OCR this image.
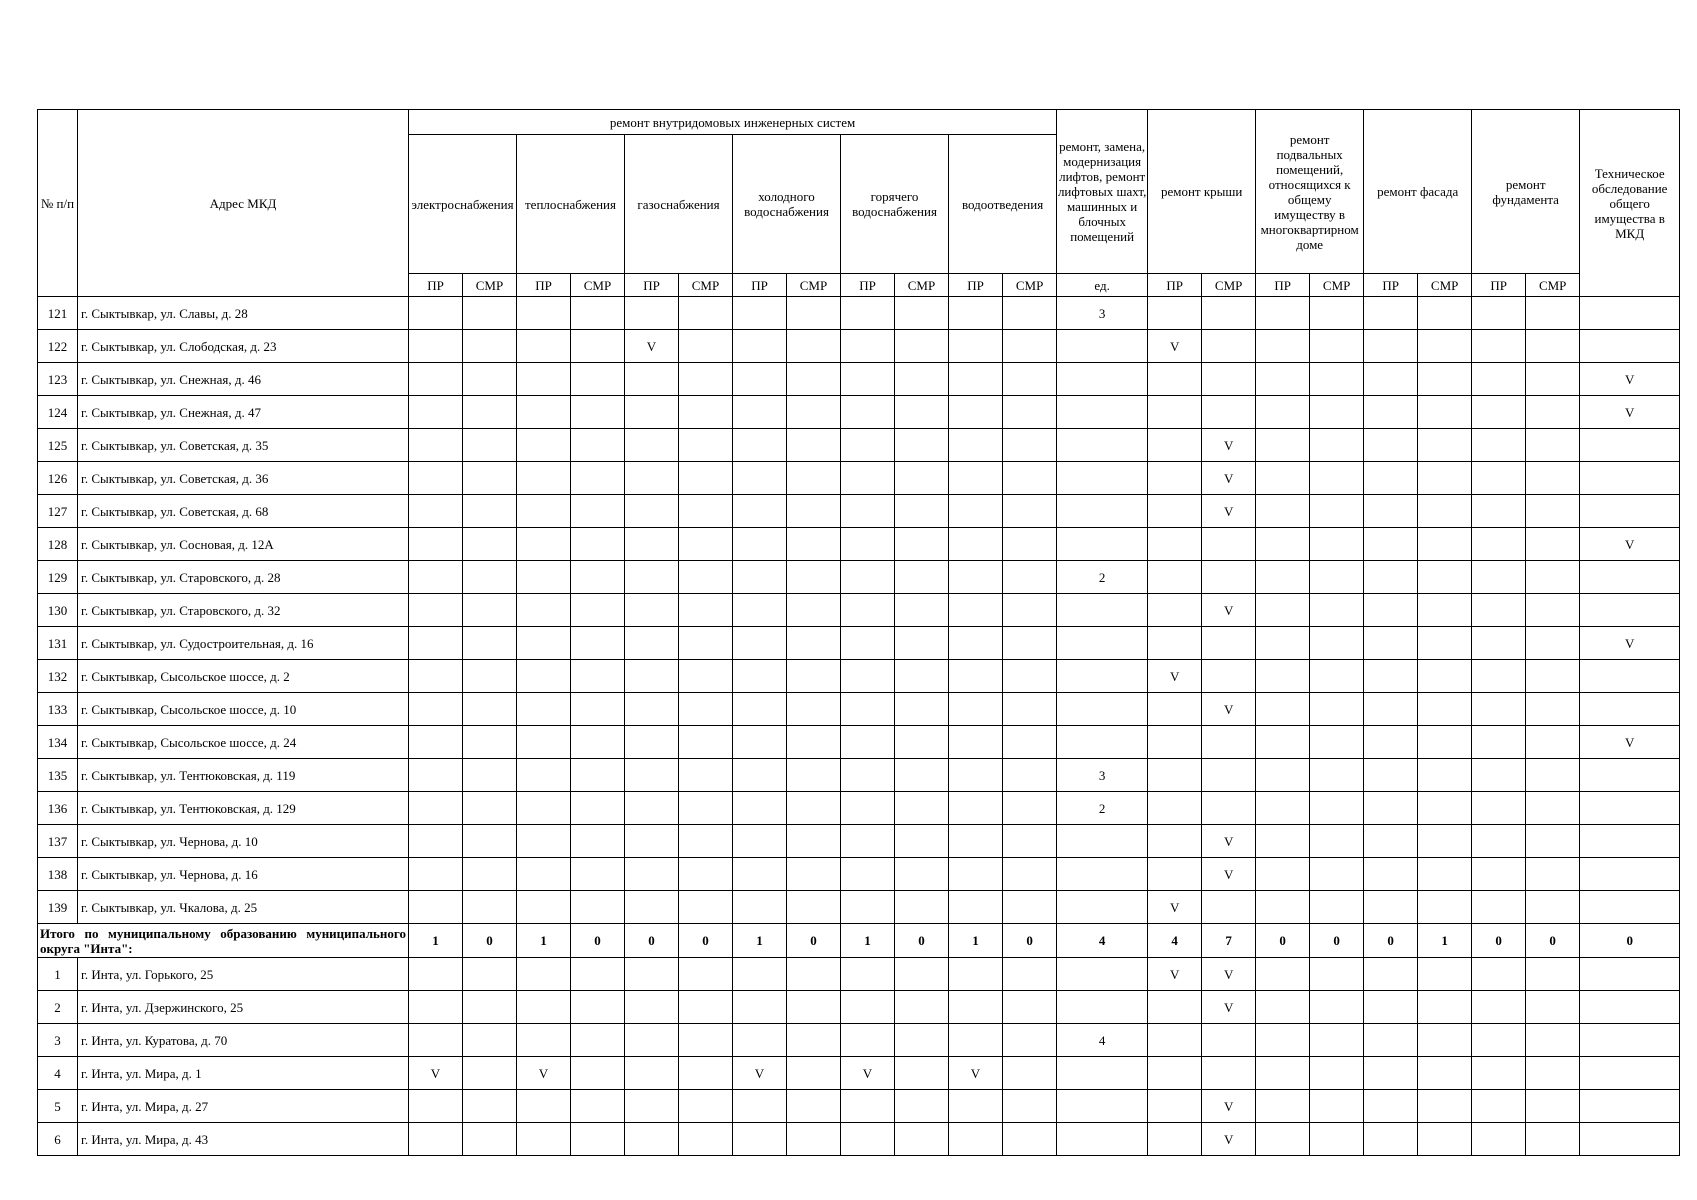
№ п/п	Адрес МКД	ремонт внутридомовых инженерных систем												ремонт, замена, модернизация лифтов, ремонт лифтовых шахт, машинных и блочных помещений	ремонт крыши		ремонт подвальных помещений, относящихся к общему имуществу в многоквартирном доме		ремонт фасада		ремонт фундамента		Техническое обследование общего имущества в МКД
		электроснабжения		теплоснабжения		газоснабжения		холодного водоснабжения		горячего водоснабжения		водоотведения											
		ПР	СМР	ПР	СМР	ПР	СМР	ПР	СМР	ПР	СМР	ПР	СМР	ед.	ПР	СМР	ПР	СМР	ПР	СМР	ПР	СМР	
121	г. Сыктывкар, ул. Славы, д. 28													3									
122	г. Сыктывкар, ул. Слободская, д. 23					V									V								
123	г. Сыктывкар, ул. Снежная, д. 46																						V
124	г. Сыктывкар, ул. Снежная, д. 47																						V
125	г. Сыктывкар, ул. Советская, д. 35															V							
126	г. Сыктывкар, ул. Советская, д. 36															V							
127	г. Сыктывкар, ул. Советская, д. 68															V							
128	г. Сыктывкар, ул. Сосновая, д. 12А																						V
129	г. Сыктывкар, ул. Старовского, д. 28													2									
130	г. Сыктывкар, ул. Старовского, д. 32															V							
131	г. Сыктывкар, ул. Судостроительная, д. 16																						V
132	г. Сыктывкар, Сысольское шоссе, д. 2														V								
133	г. Сыктывкар, Сысольское шоссе, д. 10															V							
134	г. Сыктывкар, Сысольское шоссе, д. 24																						V
135	г. Сыктывкар, ул. Тентюковская, д. 119													3									
136	г. Сыктывкар, ул. Тентюковская, д. 129													2									
137	г. Сыктывкар, ул. Чернова, д. 10															V							
138	г. Сыктывкар, ул. Чернова, д. 16															V							
139	г. Сыктывкар, ул. Чкалова, д. 25														V								
Итого по муниципальному образованию муниципального округа "Инта":		1	0	1	0	0	0	1	0	1	0	1	0	4	4	7	0	0	0	1	0	0	0
1	г. Инта, ул. Горького, 25														V	V							
2	г. Инта, ул. Дзержинского, 25															V							
3	г. Инта, ул. Куратова, д. 70													4									
4	г. Инта, ул. Мира, д. 1	V		V				V		V		V											
5	г. Инта, ул. Мира, д. 27															V							
6	г. Инта, ул. Мира, д. 43															V							
